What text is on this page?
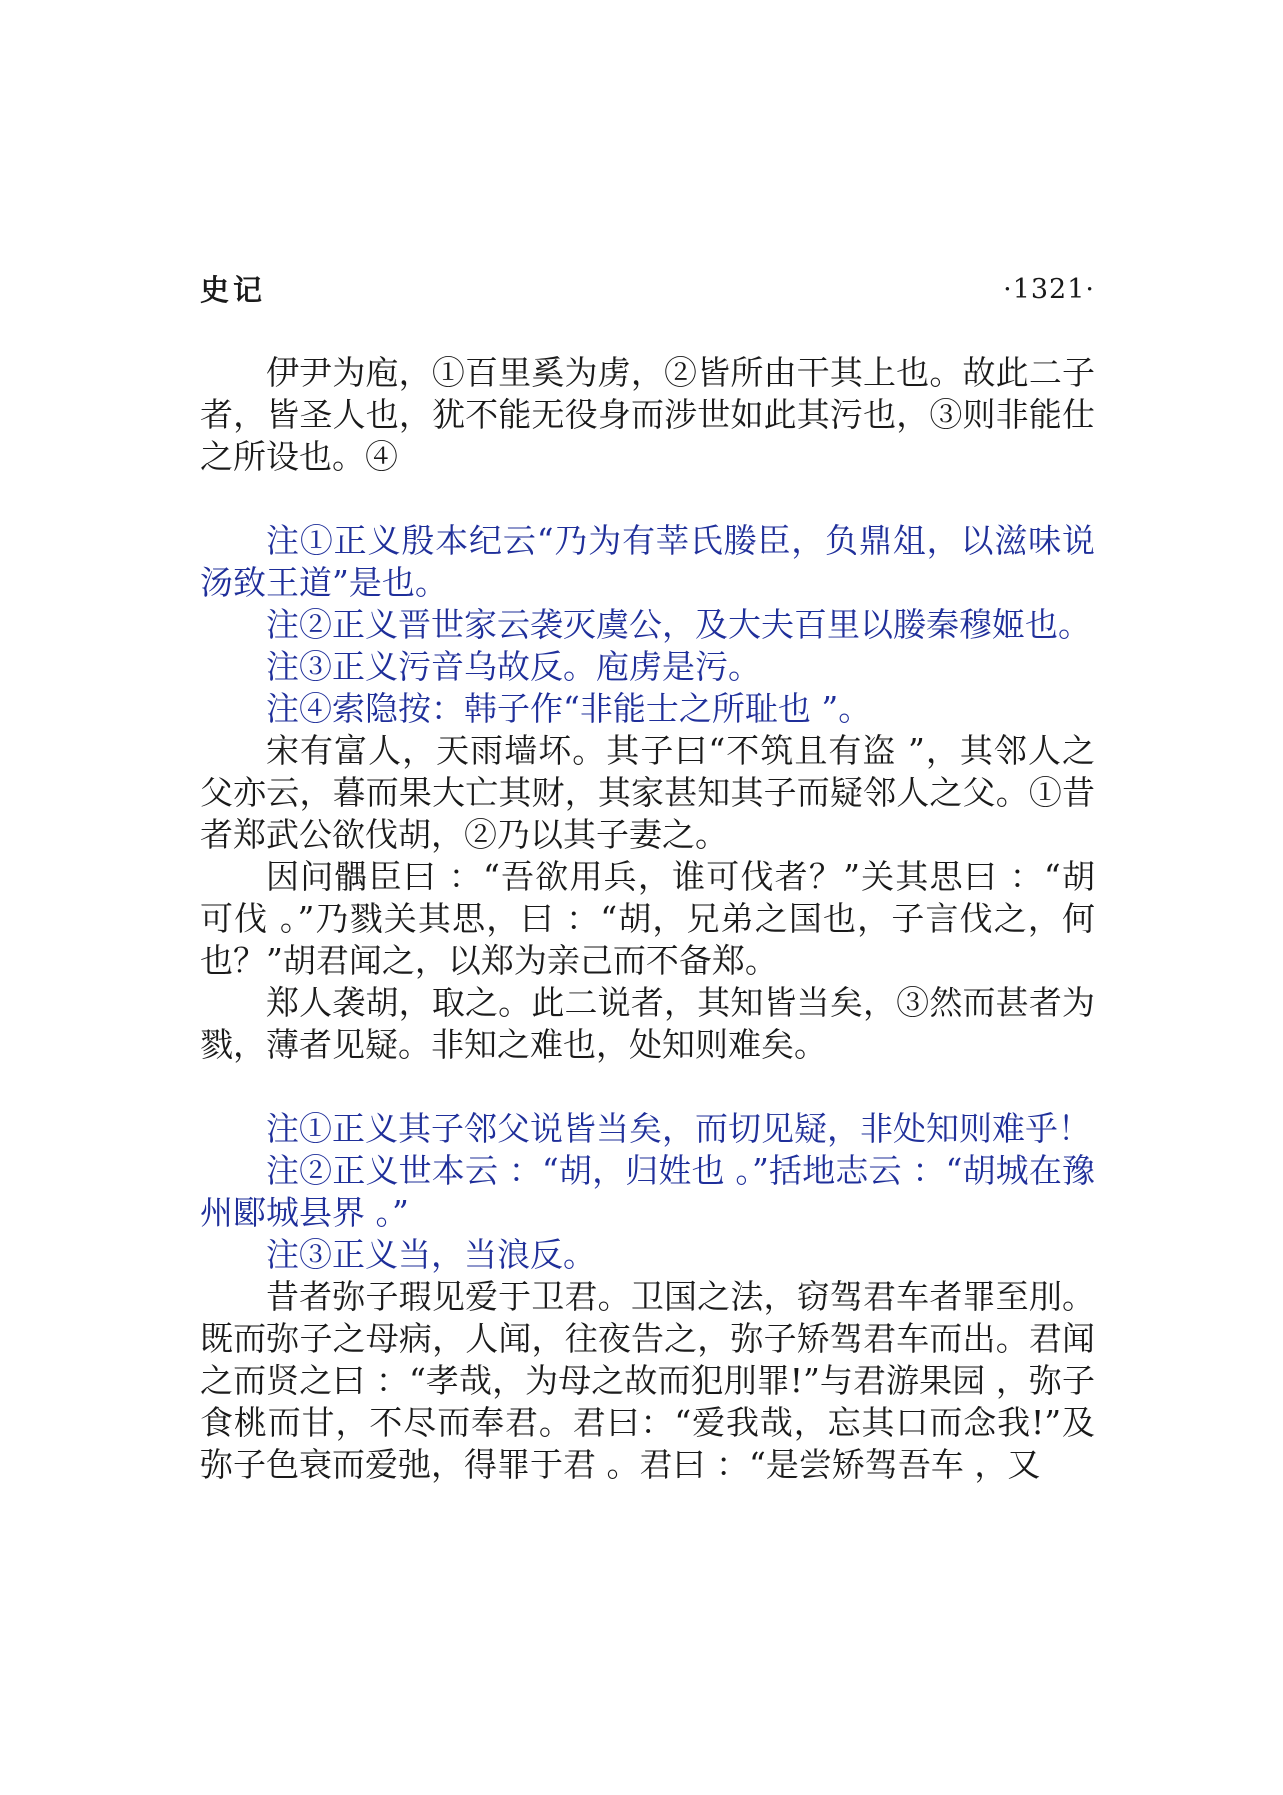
史记	·1321·

伊尹为庖，①百里奚为虏，②皆所由干其上也。故此二子者，皆圣人也，犹不能无役身而涉世如此其污也，③则非能仕之所设也。④

注①正义殷本纪云“乃为有莘氏媵臣，负鼎俎，以滋味说汤致王道”是也。

注②正义晋世家云袭灭虞公，及大夫百里以媵秦穆姬也。

注③正义污音乌故反。庖虏是污。

注④索隐按：韩子作“非能士之所耻也 ”。

宋有富人，天雨墙坏。其子曰“不筑且有盗 ”，其邻人之父亦云，暮而果大亡其财，其家甚知其子而疑邻人之父。①昔者郑武公欲伐胡，②乃以其子妻之。

因问髃臣曰 ：“吾欲用兵，谁可伐者？”关其思曰 ：“胡可伐 。”乃戮关其思，曰 ：“胡，兄弟之国也，子言伐之，何也？”胡君闻之，以郑为亲己而不备郑。

郑人袭胡，取之。此二说者，其知皆当矣，③然而甚者为戮，薄者见疑。非知之难也，处知则难矣。

注①正义其子邻父说皆当矣，而切见疑，非处知则难乎！

注②正义世本云 ：“胡，归姓也 。”括地志云 ：“胡城在豫州郾城县界 。”

注③正义当，当浪反。

昔者弥子瑕见爱于卫君。卫国之法，窃驾君车者罪至刖。既而弥子之母病，人闻，往夜告之，弥子矫驾君车而出。君闻之而贤之曰 ：“孝哉，为母之故而犯刖罪!”与君游果园 ，弥子食桃而甘，不尽而奉君。君曰：“爱我哉，忘其口而念我!”及弥子色衰而爱弛，得罪于君 。君曰 ：“是尝矫驾吾车 ，又
